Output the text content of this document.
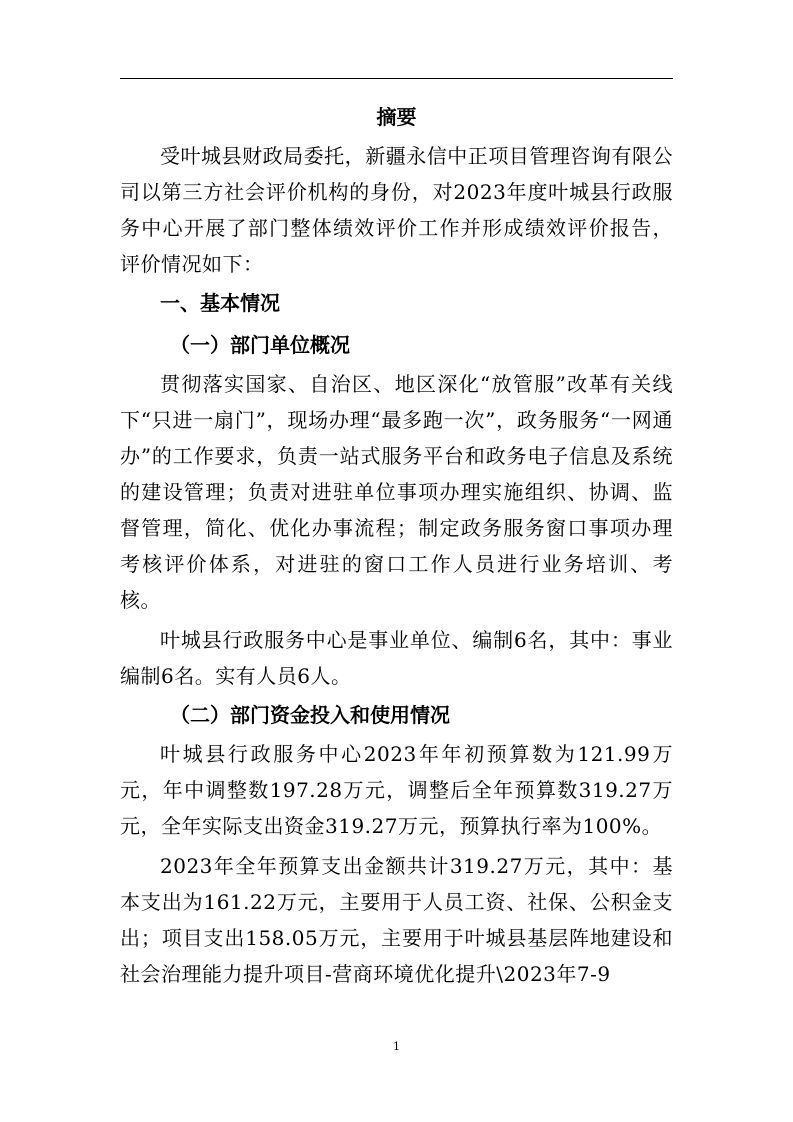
摘要

受叶城县财政局委托，新疆永信中正项目管理咨询有限公司以第三方社会评价机构的身份，对2023年度叶城县行政服务中心开展了部门整体绩效评价工作并形成绩效评价报告，评价情况如下：

一、基本情况
（一）部门单位概况

贯彻落实国家、自治区、地区深化“放管服”改革有关线下“只进一扇门”，现场办理“最多跑一次”，政务服务“一网通办”的工作要求，负责一站式服务平台和政务电子信息及系统的建设管理；负责对进驻单位事项办理实施组织、协调、监督管理，简化、优化办事流程；制定政务服务窗口事项办理考核评价体系，对进驻的窗口工作人员进行业务培训、考核。

叶城县行政服务中心是事业单位、编制6名，其中：事业编制6名。实有人员6人。

（二）部门资金投入和使用情况

叶城县行政服务中心2023年年初预算数为121.99万元，年中调整数197.28万元，调整后全年预算数319.27万元，全年实际支出资金319.27万元，预算执行率为100%。

2023年全年预算支出金额共计319.27万元，其中：基本支出为161.22万元，主要用于人员工资、社保、公积金支出；项目支出158.05万元，主要用于叶城县基层阵地建设和社会治理能力提升项目-营商环境优化提升\2023年7-9

1
